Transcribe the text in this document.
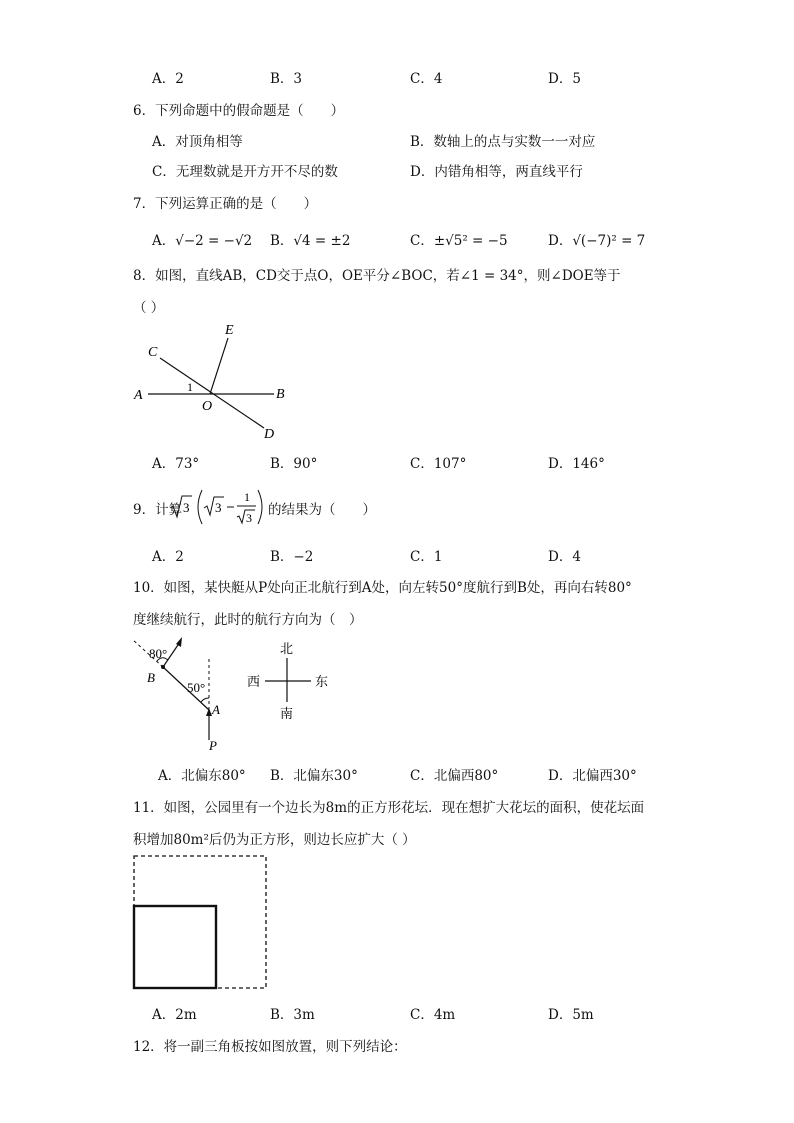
A．2	B．3	C．4	D．5
6．下列命题中的假命题是（　　）
A．对顶角相等	B．数轴上的点与实数一一对应
C．无理数就是开方开不尽的数	D．内错角相等，两直线平行
7．下列运算正确的是（　　）
A．√−2 = −√2 B．√4 = ±2	C．±√5² = −5	D．√(−7)² = 7
8．如图，直线AB，CD交于点O，OE平分∠BOC，若∠1 = 34°，则∠DOE等于
（ ）
C
E
A	B
O
1
D
A．73°	B．90°	C．107°	D．146°
9．计算 3 3
1
3 的结果为（　　）
A．2	B．−2	C．1	D．4
10．如图，某快艇从P处向正北航行到A处，向左转50°度航行到B处，再向右转80°
度继续航行，此时的航行方向为（　）
80°
50°
B
A
P
北
西	东
南
A．北偏东80° B．北偏东30°	C．北偏西80°	D．北偏西30°
11．如图，公园里有一个边长为8m的正方形花坛．现在想扩大花坛的面积，使花坛面
积增加80m²后仍为正方形，则边长应扩大（ ）
A．2m	B．3m	C．4m	D．5m
12．将一副三角板按如图放置，则下列结论：
